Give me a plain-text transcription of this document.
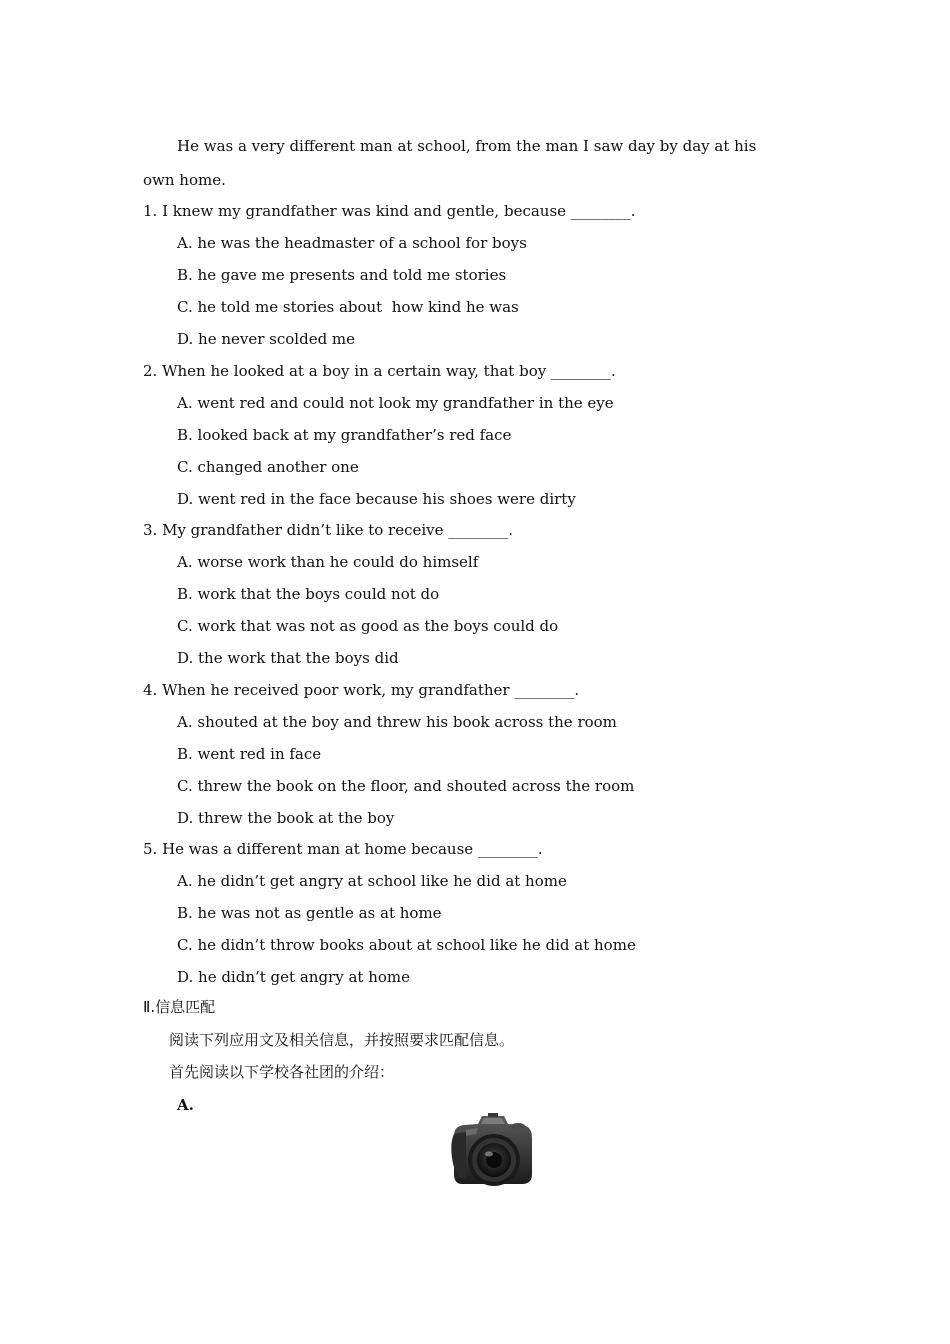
He was a very different man at school, from the man I saw day by day at his
own home.
1. I knew my grandfather was kind and gentle, because ________.
A. he was the headmaster of a school for boys
B. he gave me presents and told me stories
C. he told me stories about  how kind he was
D. he never scolded me
2. When he looked at a boy in a certain way, that boy ________.
A. went red and could not look my grandfather in the eye
B. looked back at my grandfather’s red face
C. changed another one
D. went red in the face because his shoes were dirty
3. My grandfather didn’t like to receive ________.
A. worse work than he could do himself
B. work that the boys could not do
C. work that was not as good as the boys could do
D. the work that the boys did
4. When he received poor work, my grandfather ________.
A. shouted at the boy and threw his book across the room
B. went red in face
C. threw the book on the floor, and shouted across the room
D. threw the book at the boy
5. He was a different man at home because ________.
A. he didn’t get angry at school like he did at home
B. he was not as gentle as at home
C. he didn’t throw books about at school like he did at home
D. he didn’t get angry at home
Ⅱ.信息匹配
阅读下列应用文及相关信息，并按照要求匹配信息。
首先阅读以下学校各社团的介绍：
A.
